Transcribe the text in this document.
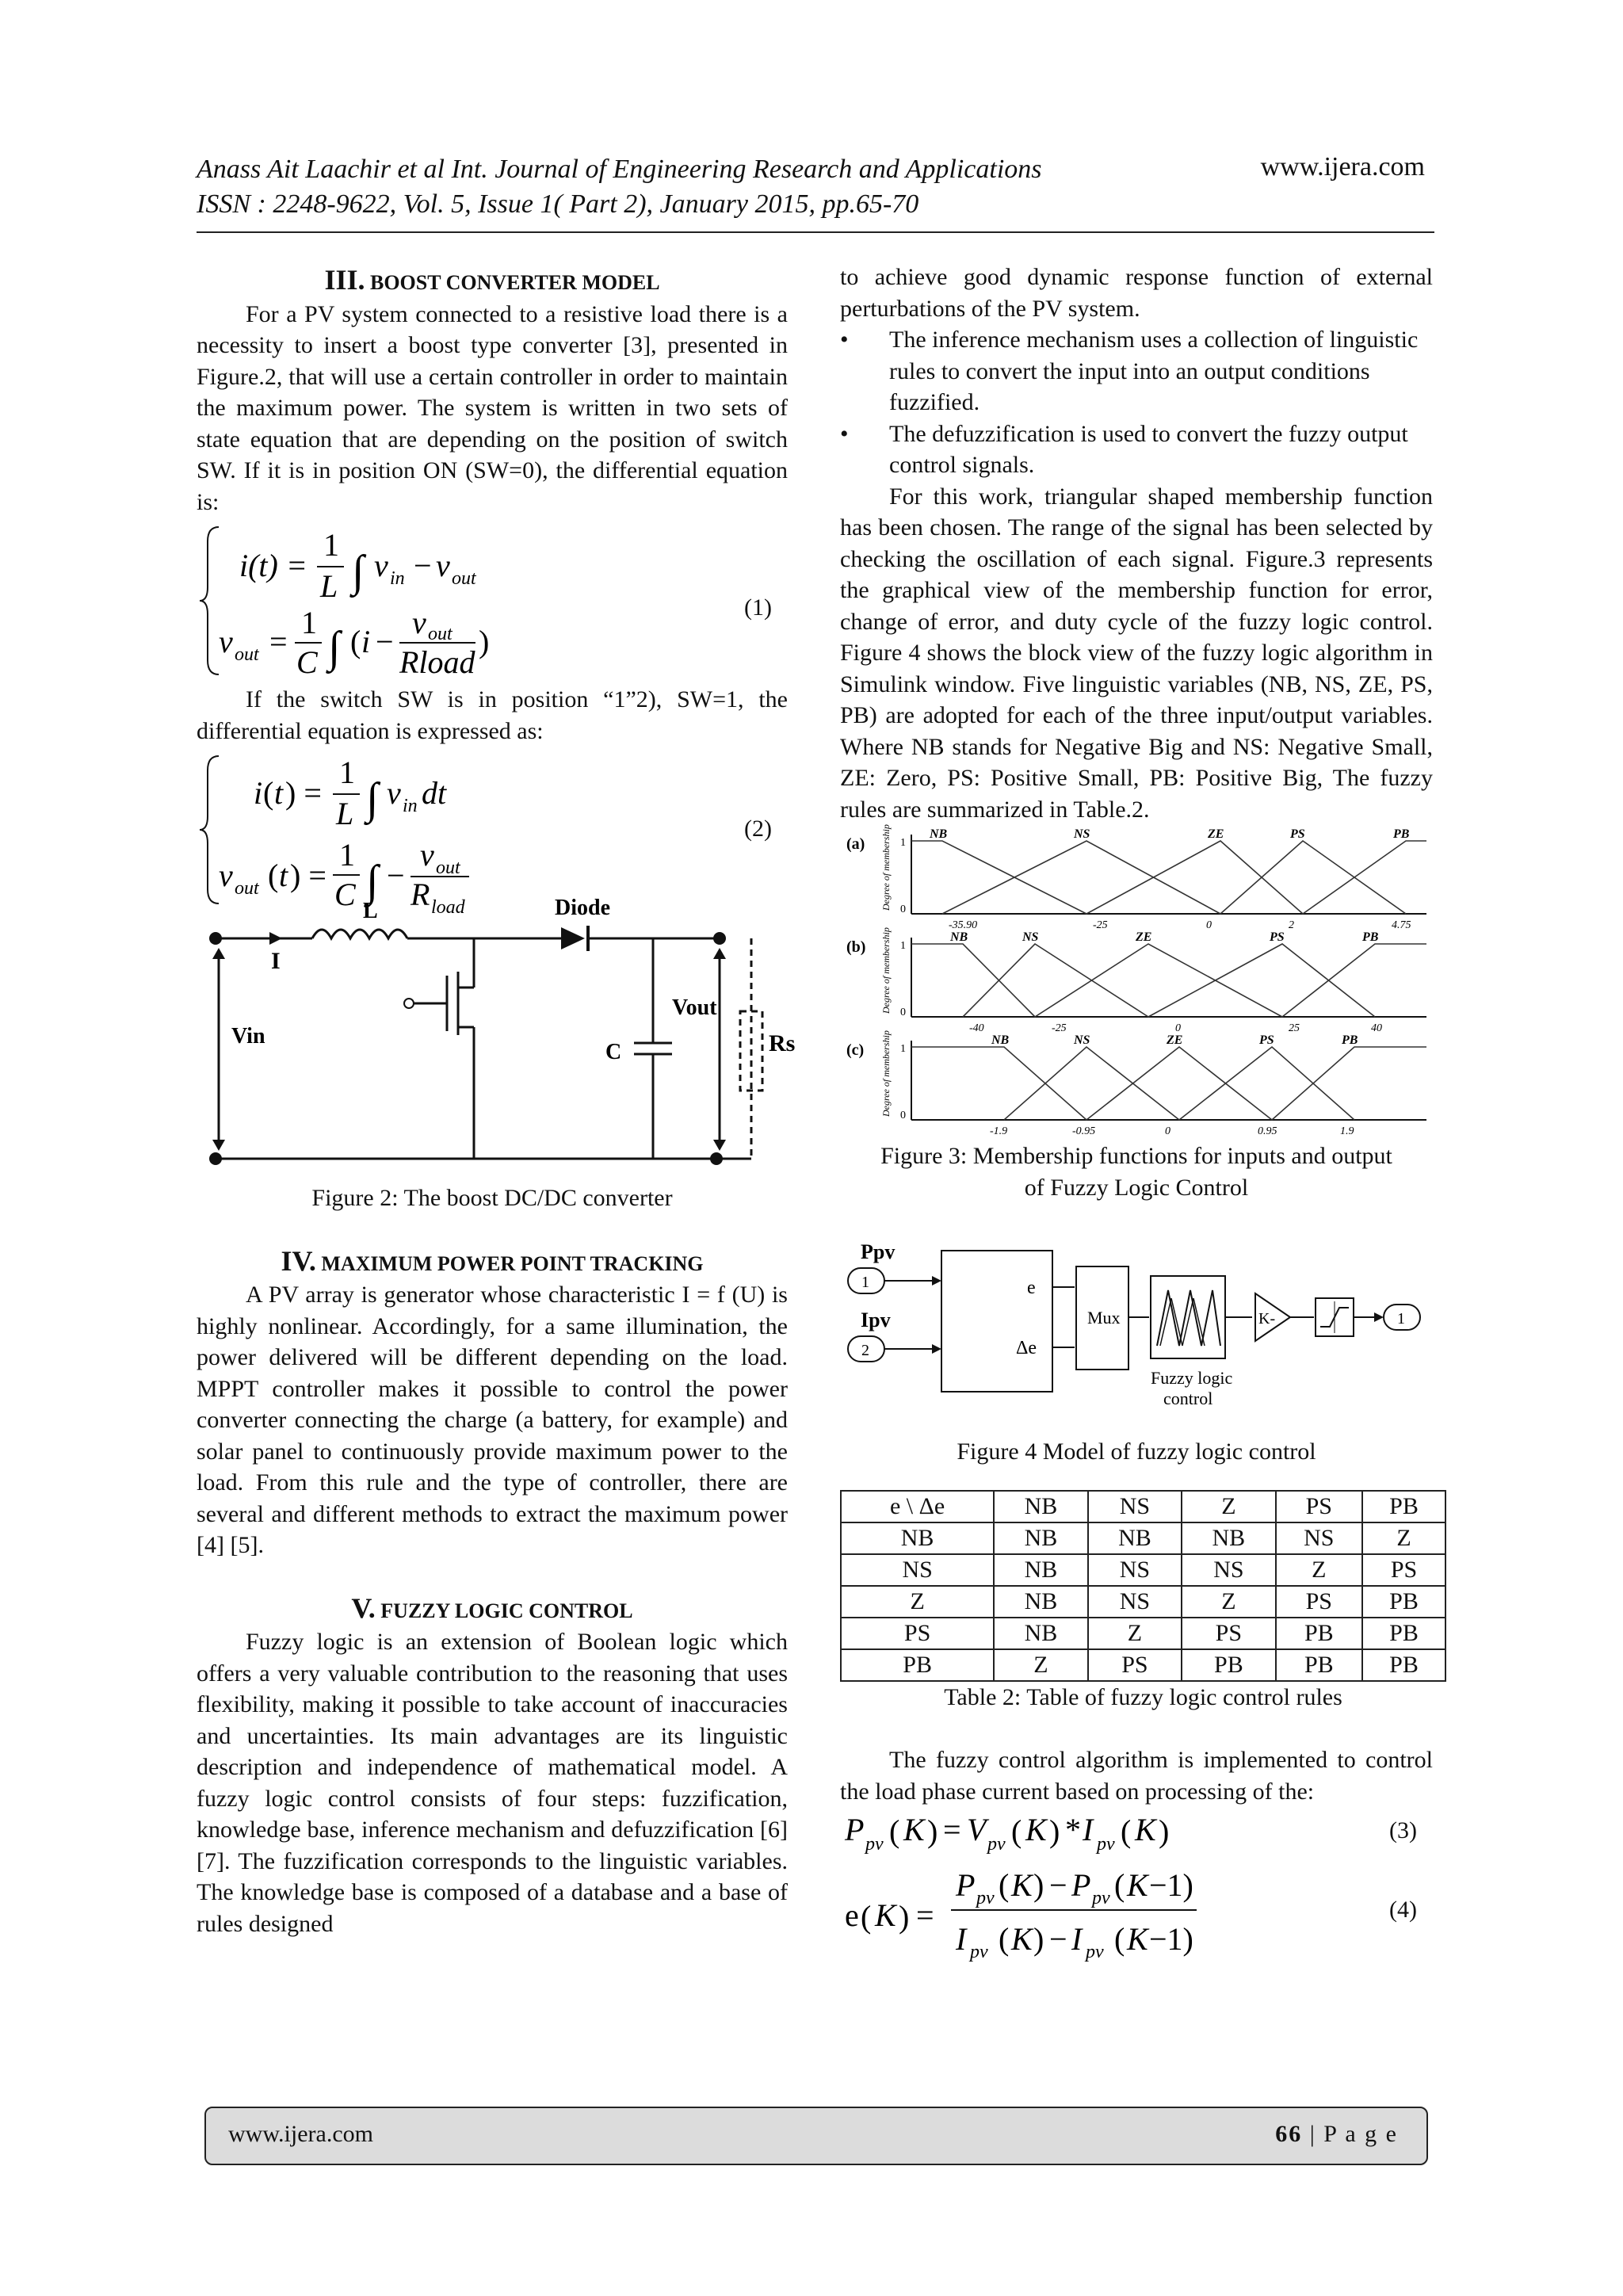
Anass Ait Laachir et al Int. Journal of Engineering Research and Applications	www.ijera.com
ISSN : 2248-9622, Vol. 5, Issue 1( Part 2), January 2015, pp.65-70

III. BOOST CONVERTER MODEL

For a PV system connected to a resistive load there is a necessity to insert a boost type converter [3], presented in Figure.2, that will use a certain controller in order to maintain the maximum power. The system is written in two sets of state equation that are depending on the position of switch SW. If it is in position ON (SW=0), the differential equation is:

i(t) =
1
L ∫ v in − v out
v out =
1
C ∫ ( i −
v out
Rload
)
(1)

If the switch SW is in position “1”2), SW=1, the differential equation is expressed as:

i ( t ) =
1
L ∫ v in dt
v out ( t ) =
1
C ∫ −
v out
R load
(2)
Diode
L
I
Vin
C
Vout
Rs

Figure 2: The boost DC/DC converter

IV. MAXIMUM POWER POINT TRACKING

A PV array is generator whose characteristic I = f (U) is highly nonlinear. Accordingly, for a same illumination, the power delivered will be different depending on the load. MPPT controller makes it possible to control the power converter connecting the charge (a battery, for example) and solar panel to continuously provide maximum power to the load. From this rule and the type of controller, there are several and different methods to extract the maximum power [4] [5].

V. FUZZY LOGIC CONTROL

Fuzzy logic is an extension of Boolean logic which offers a very valuable contribution to the reasoning that uses flexibility, making it possible to take account of inaccuracies and uncertainties. Its main advantages are its linguistic description and independence of mathematical model. A fuzzy logic control consists of four steps: fuzzification, knowledge base, inference mechanism and defuzzification [6] [7]. The fuzzification corresponds to the linguistic variables. The knowledge base is composed of a database and a base of rules designed

to achieve good dynamic response function of external perturbations of the PV system.

•	The inference mechanism uses a collection of linguistic rules to convert the input into an output conditions fuzzified.
•	The defuzzification is used to convert the fuzzy output control signals.

For this work, triangular shaped membership function has been chosen. The range of the signal has been selected by checking the oscillation of each signal. Figure.3 represents the graphical view of the membership function for error, change of error, and duty cycle of the fuzzy logic control. Figure 4 shows the block view of the fuzzy logic algorithm in Simulink window. Five linguistic variables (NB, NS, ZE, PS, PB) are adopted for each of the three input/output variables. Where NB stands for Negative Big and NS: Negative Small, ZE: Zero, PS: Positive Small, PB: Positive Big, The fuzzy rules are summarized in Table.2.

(a)	1
0
Degree of membership	NB	NS	ZE	PS	PB
-35.90	-25	0	2	4.75
(b)	1
0
Degree of membership	NB	NS	ZE	PS	PB
-40	-25	0	25	40
(c)	1
0
Degree of membership	NB	NS	ZE	PS	PB
-1.9	-0.95	0	0.95	1.9

Figure 3: Membership functions for inputs and output

of Fuzzy Logic Control

Ppv
Ipv
1
2
e
Δe
Mux
Fuzzy logic
control
K-	1

Figure 4 Model of fuzzy logic control

e \ Δe	NB	NS	Z	PS	PB
NB	NB	NB	NB	NS	Z
NS	NB	NS	NS	Z	PS
Z	NB	NS	Z	PS	PB
PS	NB	Z	PS	PB	PB
PB	Z	PS	PB	PB	PB

Table 2: Table of fuzzy logic control rules

The fuzzy control algorithm is implemented to control the load phase current based on processing of the:

P pv ( K ) = V pv ( K ) * I pv ( K )
e ( K ) =
P pv ( K ) − P pv ( K −1)
I pv ( K ) − I pv ( K −1)
(3)
(4)
www.ijera.com	66 | P a g e
